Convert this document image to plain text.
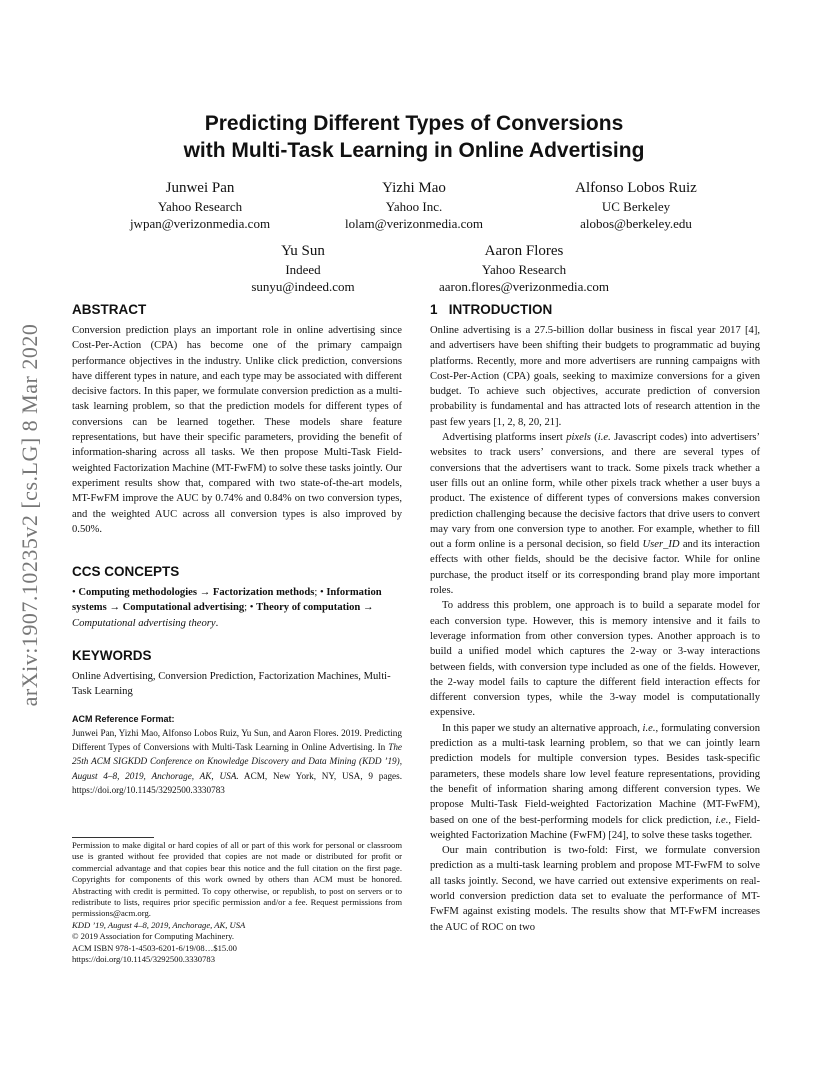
Predicting Different Types of Conversions
with Multi-Task Learning in Online Advertising
Junwei Pan
Yahoo Research
jwpan@verizonmedia.com
Yizhi Mao
Yahoo Inc.
lolam@verizonmedia.com
Alfonso Lobos Ruiz
UC Berkeley
alobos@berkeley.edu
Yu Sun
Indeed
sunyu@indeed.com
Aaron Flores
Yahoo Research
aaron.flores@verizonmedia.com
arXiv:1907.10235v2 [cs.LG] 8 Mar 2020
ABSTRACT

Conversion prediction plays an important role in online advertising since Cost-Per-Action (CPA) has become one of the primary campaign performance objectives in the industry. Unlike click prediction, conversions have different types in nature, and each type may be associated with different decisive factors. In this paper, we formulate conversion prediction as a multi-task learning problem, so that the prediction models for different types of conversions can be learned together. These models share feature representations, but have their specific parameters, providing the benefit of information-sharing across all tasks. We then propose Multi-Task Field-weighted Factorization Machine (MT-FwFM) to solve these tasks jointly. Our experiment results show that, compared with two state-of-the-art models, MT-FwFM improve the AUC by 0.74% and 0.84% on two conversion types, and the weighted AUC across all conversion types is also improved by 0.50%.

CCS CONCEPTS

• Computing methodologies → Factorization methods; • Information systems → Computational advertising; • Theory of computation → Computational advertising theory.

KEYWORDS

Online Advertising, Conversion Prediction, Factorization Machines, Multi-Task Learning

ACM Reference Format:

Junwei Pan, Yizhi Mao, Alfonso Lobos Ruiz, Yu Sun, and Aaron Flores. 2019. Predicting Different Types of Conversions with Multi-Task Learning in Online Advertising. In The 25th ACM SIGKDD Conference on Knowledge Discovery and Data Mining (KDD ’19), August 4–8, 2019, Anchorage, AK, USA. ACM, New York, NY, USA, 9 pages. https://doi.org/10.1145/3292500.3330783

Permission to make digital or hard copies of all or part of this work for personal or classroom use is granted without fee provided that copies are not made or distributed for profit or commercial advantage and that copies bear this notice and the full citation on the first page. Copyrights for components of this work owned by others than ACM must be honored. Abstracting with credit is permitted. To copy otherwise, or republish, to post on servers or to redistribute to lists, requires prior specific permission and/or a fee. Request permissions from permissions@acm.org.

KDD ’19, August 4–8, 2019, Anchorage, AK, USA

© 2019 Association for Computing Machinery.

ACM ISBN 978-1-4503-6201-6/19/08…$15.00

https://doi.org/10.1145/3292500.3330783

1   INTRODUCTION

Online advertising is a 27.5-billion dollar business in fiscal year 2017 [4], and advertisers have been shifting their budgets to programmatic ad buying platforms. Recently, more and more advertisers are running campaigns with Cost-Per-Action (CPA) goals, seeking to maximize conversions for a given budget. To achieve such objectives, accurate prediction of conversion probability is fundamental and has attracted lots of research attention in the past few years [1, 2, 8, 20, 21].

Advertising platforms insert pixels (i.e. Javascript codes) into advertisers’ websites to track users’ conversions, and there are several types of conversions that the advertisers want to track. Some pixels track whether a user fills out an online form, while other pixels track whether a user buys a product. The existence of different types of conversions makes conversion prediction challenging because the decisive factors that drive users to convert may vary from one conversion type to another. For example, whether to fill out a form online is a personal decision, so field User_ID and its interaction effects with other fields, should be the decisive factor. While for online purchase, the product itself or its corresponding brand play more important roles.

To address this problem, one approach is to build a separate model for each conversion type. However, this is memory intensive and it fails to leverage information from other conversion types. Another approach is to build a unified model which captures the 2-way or 3-way interactions between fields, with conversion type included as one of the fields. However, the 2-way model fails to capture the different field interaction effects for different conversion types, while the 3-way model is computationally expensive.

In this paper we study an alternative approach, i.e., formulating conversion prediction as a multi-task learning problem, so that we can jointly learn prediction models for multiple conversion types. Besides task-specific parameters, these models share low level feature representations, providing the benefit of information sharing among different conversion types. We propose Multi-Task Field-weighted Factorization Machine (MT-FwFM), based on one of the best-performing models for click prediction, i.e., Field-weighted Factorization Machine (FwFM) [24], to solve these tasks together.

Our main contribution is two-fold: First, we formulate conversion prediction as a multi-task learning problem and propose MT-FwFM to solve all tasks jointly. Second, we have carried out extensive experiments on real-world conversion prediction data set to evaluate the performance of MT-FwFM against existing models. The results show that MT-FwFM increases the AUC of ROC on two
